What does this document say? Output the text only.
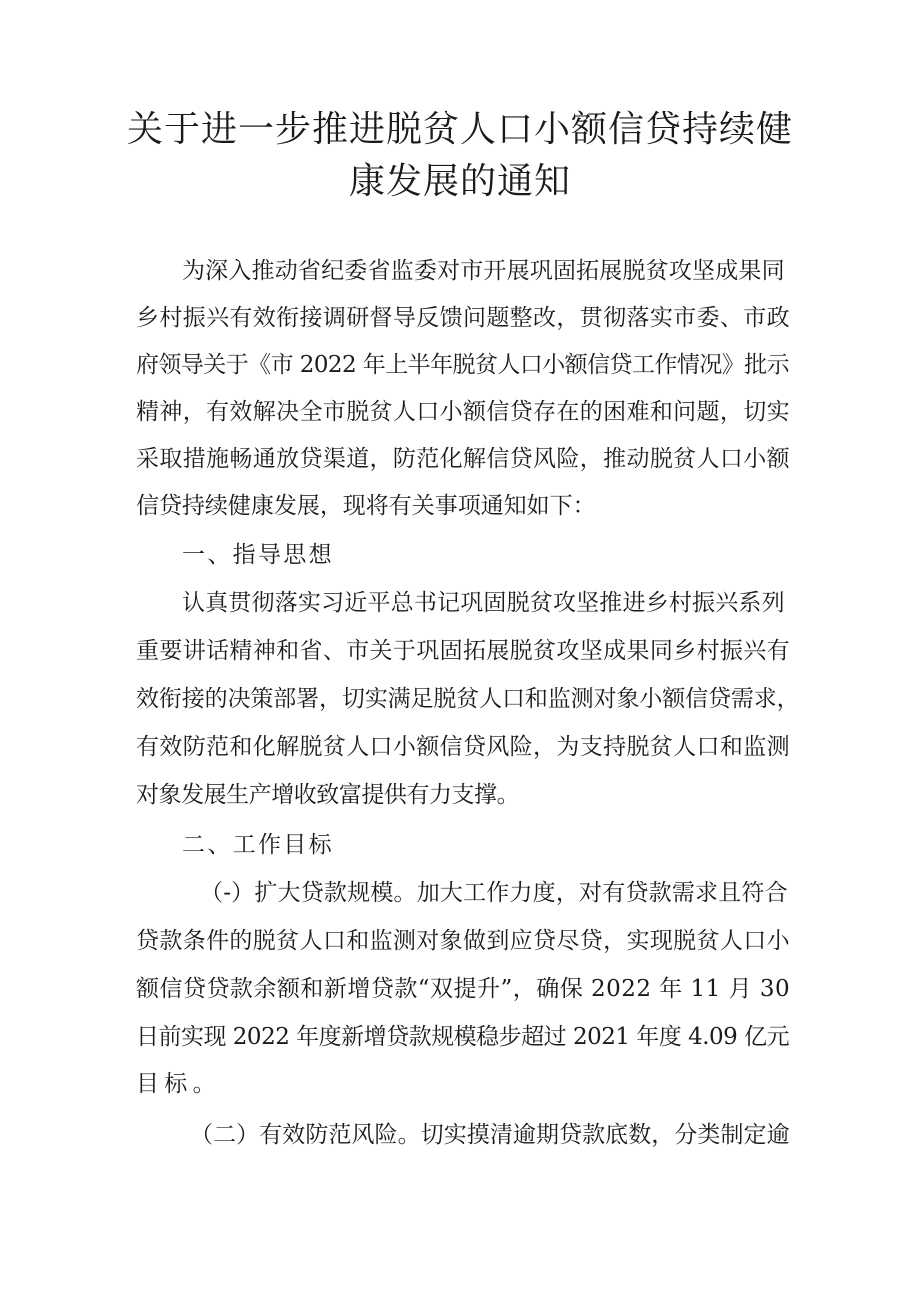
关于进一步推进脱贫人口小额信贷持续健
康发展的通知
为深入推动省纪委省监委对市开展巩固拓展脱贫攻坚成果同
乡村振兴有效衔接调研督导反馈问题整改，贯彻落实市委、市政
府领导关于《市 2022 年上半年脱贫人口小额信贷工作情况》批示
精神，有效解决全市脱贫人口小额信贷存在的困难和问题，切实
采取措施畅通放贷渠道，防范化解信贷风险，推动脱贫人口小额
信贷持续健康发展，现将有关事项通知如下：
一、指导思想
认真贯彻落实习近平总书记巩固脱贫攻坚推进乡村振兴系列
重要讲话精神和省、市关于巩固拓展脱贫攻坚成果同乡村振兴有
效衔接的决策部署，切实满足脱贫人口和监测对象小额信贷需求，
有效防范和化解脱贫人口小额信贷风险，为支持脱贫人口和监测
对象发展生产增收致富提供有力支撑。
二、工作目标
（-）扩大贷款规模。加大工作力度，对有贷款需求且符合
贷款条件的脱贫人口和监测对象做到应贷尽贷，实现脱贫人口小
额信贷贷款余额和新增贷款“双提升”，确保 2022 年 11 月 30
日前实现 2022 年度新增贷款规模稳步超过 2021 年度 4.09 亿元
目标。
（二）有效防范风险。切实摸清逾期贷款底数，分类制定逾
